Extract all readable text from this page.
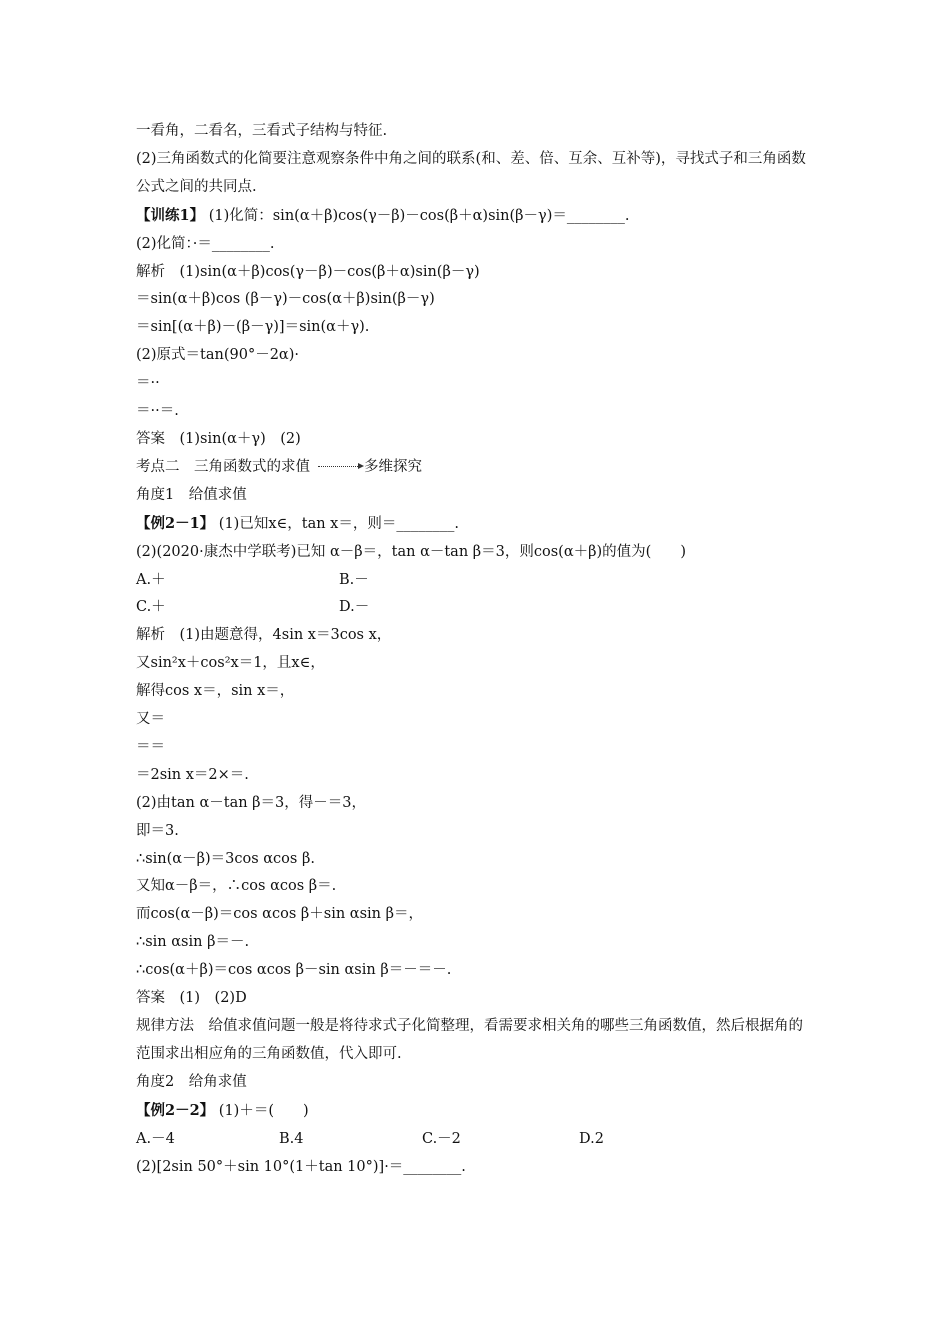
一看角，二看名，三看式子结构与特征.
(2)三角函数式的化简要注意观察条件中角之间的联系(和、差、倍、互余、互补等)，寻找式子和三角函数公式之间的共同点.
【训练1】 (1)化简：sin(α＋β)cos(γ－β)－cos(β＋α)sin(β－γ)＝________.
(2)化简：·＝________.
解析　(1)sin(α＋β)cos(γ－β)－cos(β＋α)sin(β－γ)
＝sin(α＋β)cos (β－γ)－cos(α＋β)sin(β－γ)
＝sin[(α＋β)－(β－γ)]＝sin(α＋γ).
(2)原式＝tan(90°－2α)·
＝··
＝··＝.
答案　(1)sin(α＋γ)　(2)
考点二　三角函数式的求值	多维探究
角度1　给值求值
【例2－1】 (1)已知x∈，tan x＝，则＝________.
(2)(2020·康杰中学联考)已知 α－β＝，tan α－tan β＝3，则cos(α＋β)的值为(　　)
A.＋	B.－
C.＋	D.－
解析　(1)由题意得，4sin x＝3cos x，
又sin²x＋cos²x＝1，且x∈，
解得cos x＝，sin x＝，
又＝
＝＝
＝2sin x＝2×＝.
(2)由tan α－tan β＝3，得－＝3，
即＝3.
∴sin(α－β)＝3cos αcos β.
又知α－β＝，∴cos αcos β＝.
而cos(α－β)＝cos αcos β＋sin αsin β＝，
∴sin αsin β＝－.
∴cos(α＋β)＝cos αcos β－sin αsin β＝－＝－.
答案　(1)　(2)D
规律方法　给值求值问题一般是将待求式子化简整理，看需要求相关角的哪些三角函数值，然后根据角的范围求出相应角的三角函数值，代入即可.
角度2　给角求值
【例2－2】 (1)＋＝(　　)
A.－4	B.4	C.－2	D.2
(2)[2sin 50°＋sin 10°(1＋tan 10°)]·＝________.
